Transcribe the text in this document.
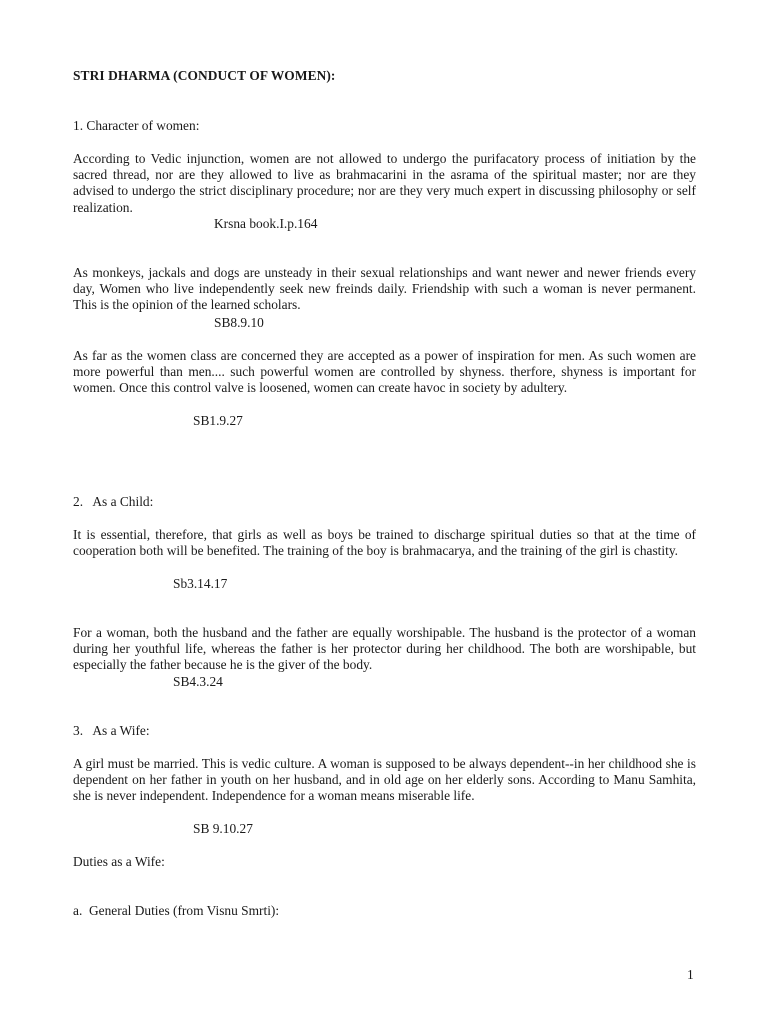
STRI DHARMA (CONDUCT OF WOMEN):

1. Character of women:

According to Vedic injunction, women are not allowed to undergo the purifacatory process of initiation by the sacred thread, nor are they allowed to live as brahmacarini in the asrama of the spiritual master; nor are they advised to undergo the strict disciplinary procedure; nor are they very much expert in discussing philosophy or self realization.

Krsna book.I.p.164

As monkeys, jackals and dogs are unsteady in their sexual relationships and want newer and newer friends every day, Women who live independently seek new freinds daily. Friendship with such a woman is never permanent. This is the opinion of the learned scholars.

SB8.9.10

As far as the women class are concerned they are accepted as a power of inspiration for men. As such women are more powerful than men.... such powerful women are controlled by shyness. therfore, shyness is important for women. Once this control valve is loosened, women can create havoc in society by adultery.

SB1.9.27

2.   As a Child:

It is essential, therefore, that girls as well as boys be trained to discharge spiritual duties so that at the time of cooperation both will be benefited. The training of the boy is brahmacarya, and the training of the girl is chastity.

Sb3.14.17

For a woman, both the husband and the father are equally worshipable. The husband is the protector of a woman during her youthful life, whereas the father is her protector during her childhood. The both are worshipable, but especially the father because he is the giver of the body.

SB4.3.24

3.   As a Wife:

A girl must be married. This is vedic culture. A woman is supposed to be always dependent--in her childhood she is dependent on her father in youth on her husband, and in old age on her elderly sons. According to Manu Samhita, she is never independent. Independence for a woman means miserable life.

SB 9.10.27

Duties as a Wife:

a.  General Duties (from Visnu Smrti):

1
